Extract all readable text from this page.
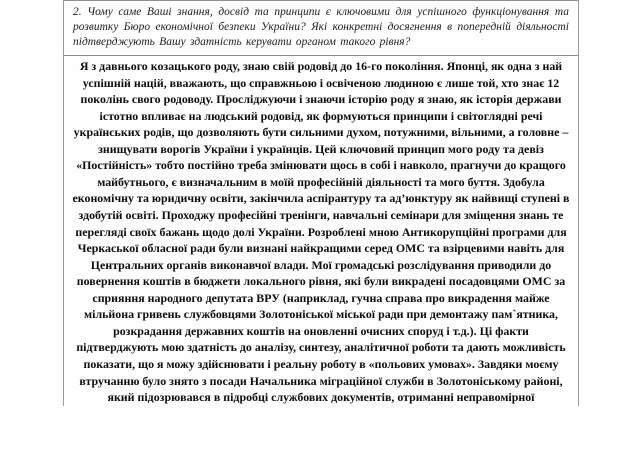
2. Чому саме Ваші знання, досвід та принципи є ключовими для успішного функціонування та розвитку Бюро економічної безпеки України? Які конкретні досягнення в попередній діяльності підтверджують Вашу здатність керувати органом такого рівня?

Я з давнього козацького роду, знаю свій родовід до 16-го покоління. Японці, як одна з най успішній націй, вважають, що справжньою і освіченою людиною є лише той, хто знає 12 поколінь свого родоводу. Просліджуючи і знаючи історію роду я знаю, як історія держави істотно впливає на людський родовід, як формуються принципи і світоглядні речі українських родів, що дозволяють бути сильними духом, потужними, вільними, а головне – знищувати ворогів України і українців. Цей ключовий принцип мого роду та девіз «Постійність» тобто постійно треба змінювати щось в собі і навколо, прагнучи до кращого майбутнього, є визначальним в моїй професійній діяльності та мого буття. Здобула економічну та юридичну освіти, закінчила аспірантуру та ад’юнктуру як найвищі ступені в здобутій освіті. Проходжу професійні тренінги, навчальні семінари для зміщення знань те перегляді своїх бажань щодо долі України. Розроблені мною Антикорупційні програми для Черкаської обласної ради були визнані найкращими серед ОМС та взірцевими навіть для Центральних органів виконавчої влади. Мої громадські розслідування приводили до повернення коштів в бюджети локального рівня, які були викрадені посадовцями ОМС за сприяння народного депутата ВРУ (наприклад, гучна справа про викрадення майже мільйона гривень службовцями Золотоніської міської ради при демонтажу пам`ятника, розкрадання державних коштів на оновленні очисних споруд і т.д.). Ці факти підтверджують мою здатність до аналізу, синтезу, аналітичної роботи та дають можливість показати, що я можу здійснювати і реальну роботу в «польових умовах». Завдяки моєму втручанню було знято з посади Начальника міграційної служби в Золотоніському районі, який підозрювався в підробці службових документів, отриманні неправомірної
